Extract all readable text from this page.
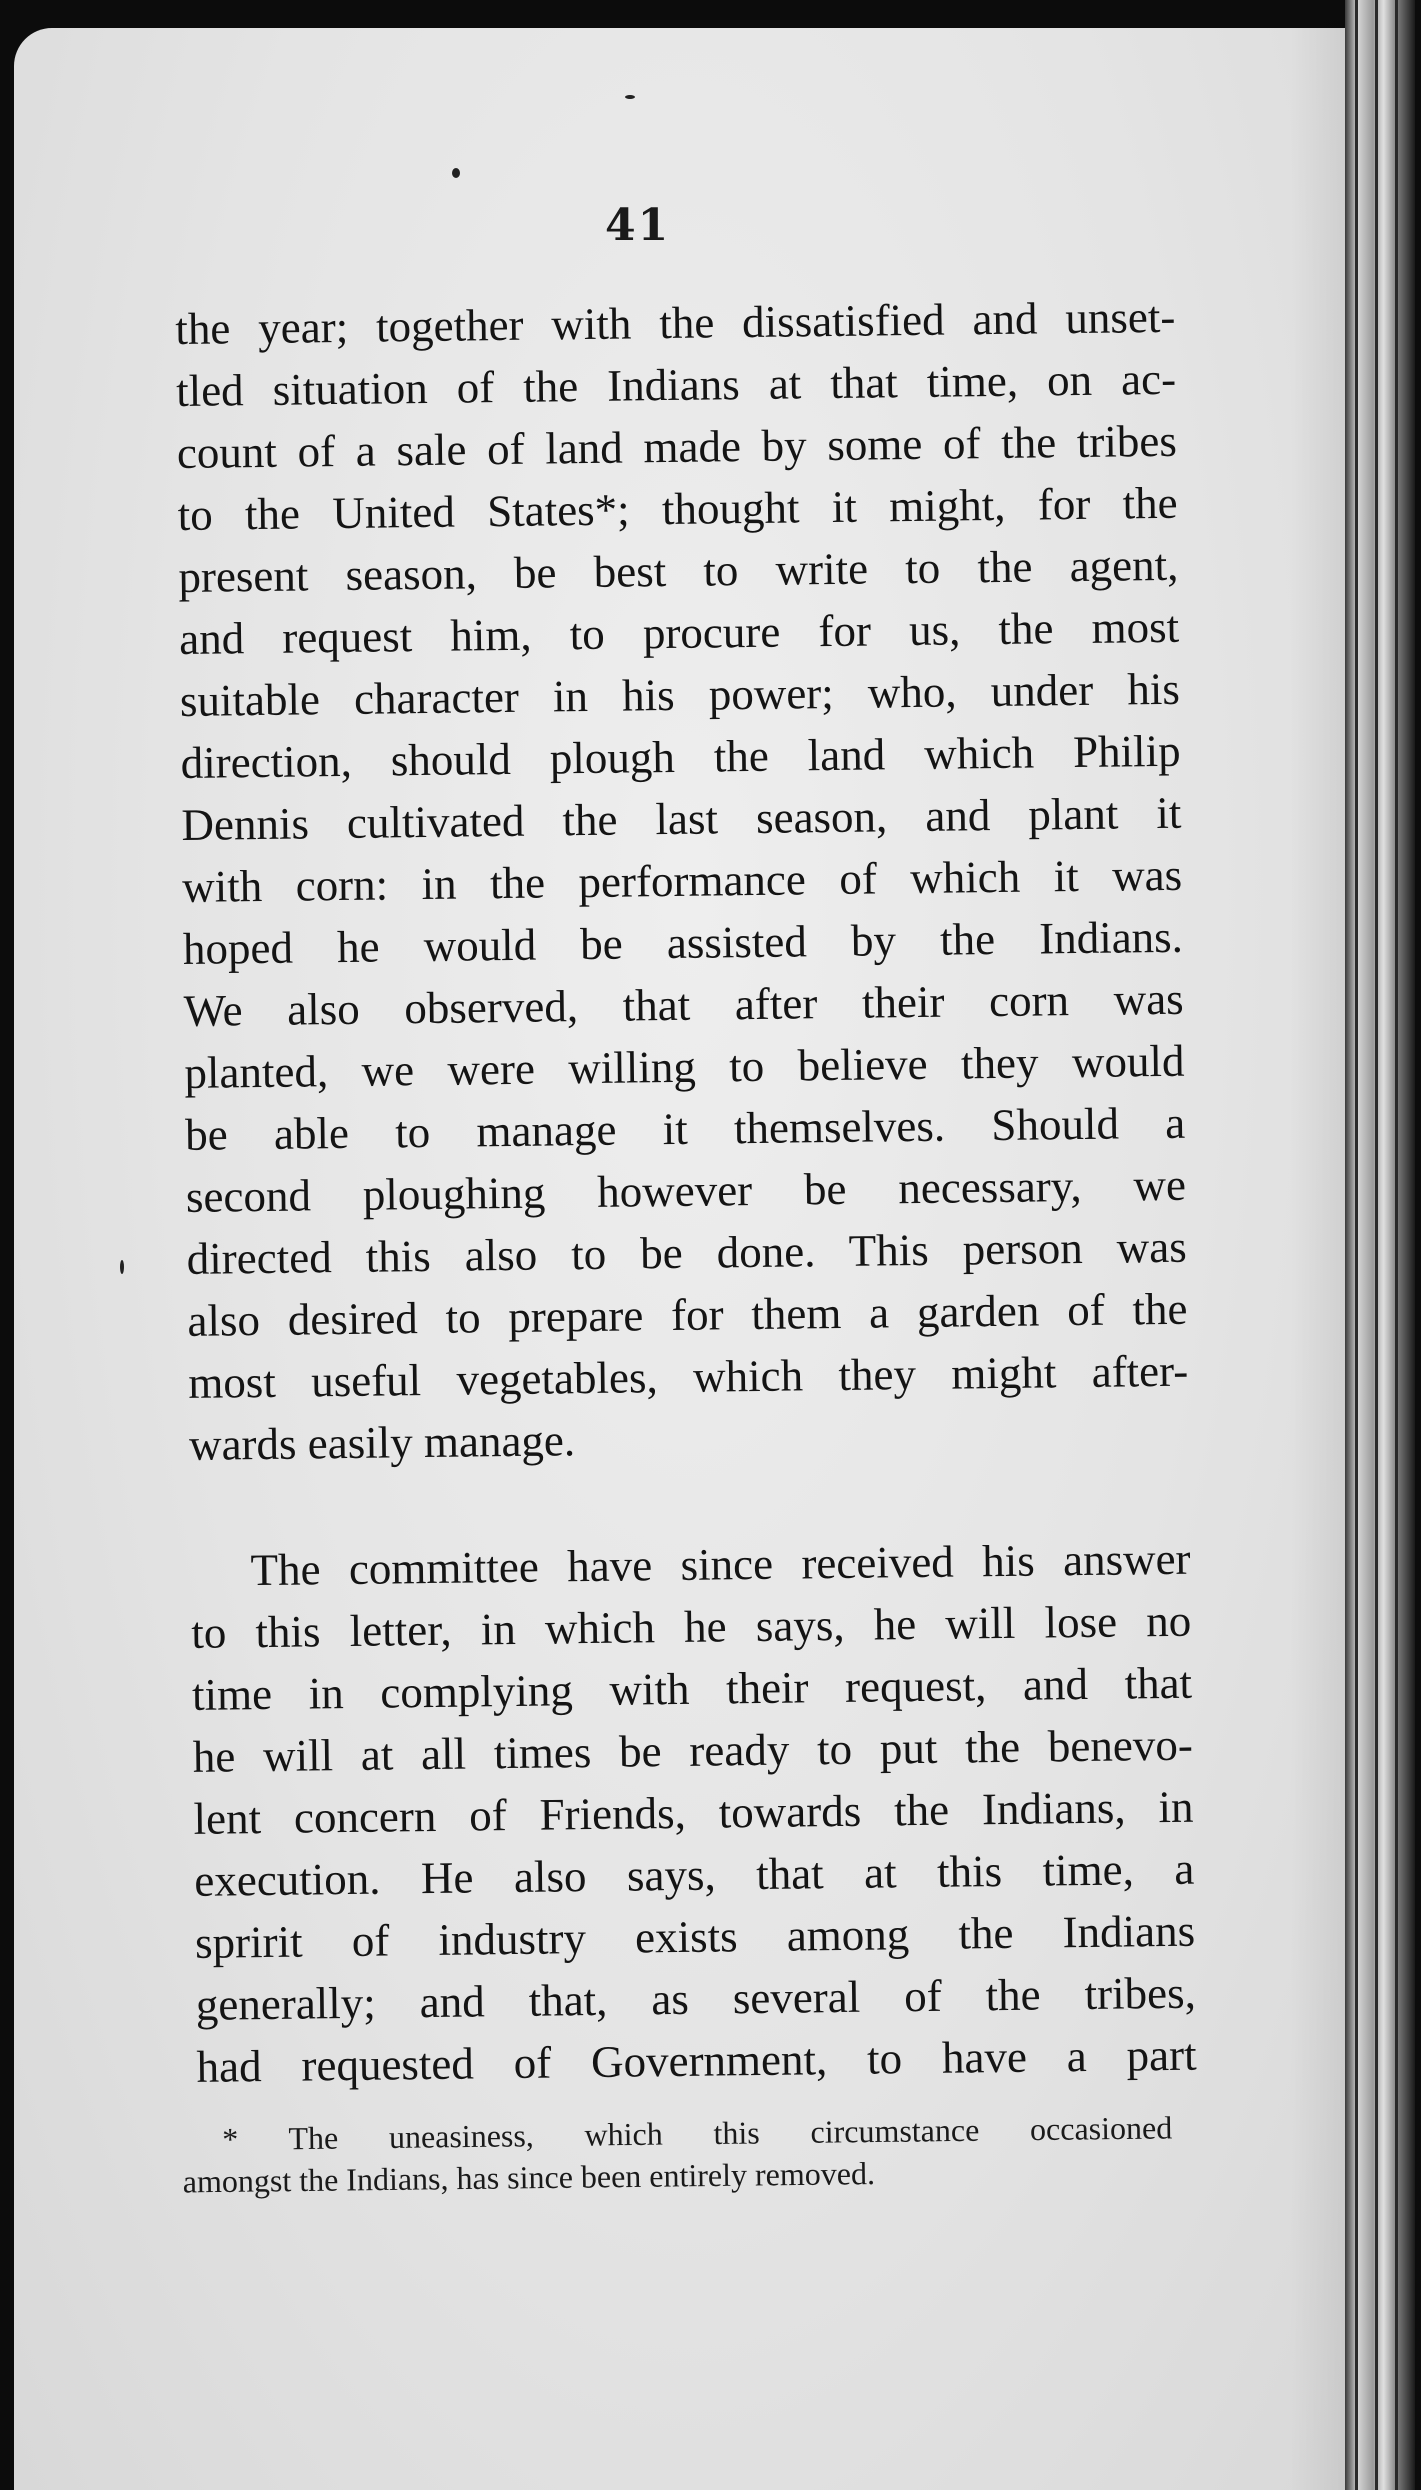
41
the year; together with the dissatisfied and unset-
tled situation of the Indians at that time, on ac-
count of a sale of land made by some of the tribes
to the United States*; thought it might, for the
present season, be best to write to the agent,
and request him, to procure for us, the most
suitable character in his power; who, under his
direction, should plough the land which Philip
Dennis cultivated the last season, and plant it
with corn: in the performance of which it was
hoped he would be assisted by the Indians.
We also observed, that after their corn was
planted, we were willing to believe they would
be able to manage it themselves. Should a
second ploughing however be necessary, we
directed this also to be done. This person was
also desired to prepare for them a garden of the
most useful vegetables, which they might after-
wards easily manage.
The committee have since received his answer
to this letter, in which he says, he will lose no
time in complying with their request, and that
he will at all times be ready to put the benevo-
lent concern of Friends, towards the Indians, in
execution. He also says, that at this time, a
spririt of industry exists among the Indians
generally; and that, as several of the tribes,
had requested of Government, to have a part
* The uneasiness, which this circumstance occasioned
amongst the Indians, has since been entirely removed.
